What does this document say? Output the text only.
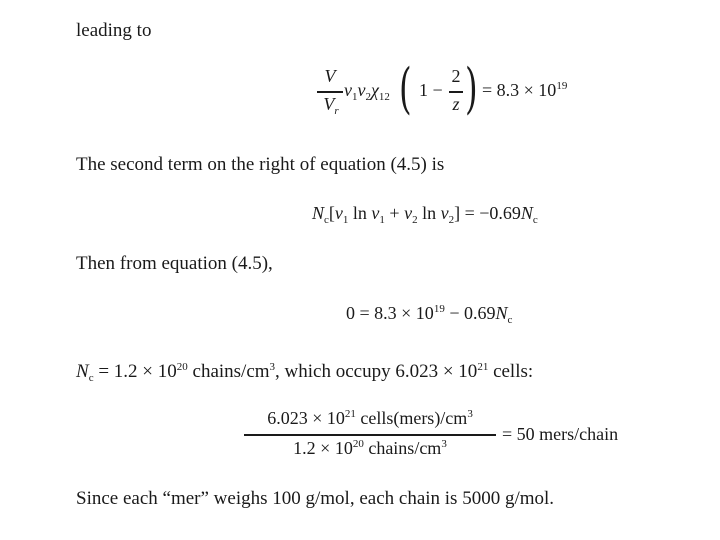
leading to
V
$V_r$
$v_1v_2\chi_{12}$ ( 1 −
2
z ) = $8.3 \times 10^{19}$
The second term on the right of equation (4.5) is
$N_c[v_1$ $\ln v_1 + v_2$ $\ln v_2] = -0.69N_c$
Then from equation (4.5),
$0 = 8.3 \times 10^{19} - 0.69N_c$
$N_c = 1.2 \times 10^{20}$ chains/$cm^3$, which occupy $6.023 \times 10^{21}$ cells:
$6.023 \times 10^{21}$ $cells(mers)/cm^3$
$1.2 \times 10^{20}$ chains/$cm^3$	= 50 mers/chain
Since each “mer” weighs 100 g/mol, each chain is 5000 g/mol.
